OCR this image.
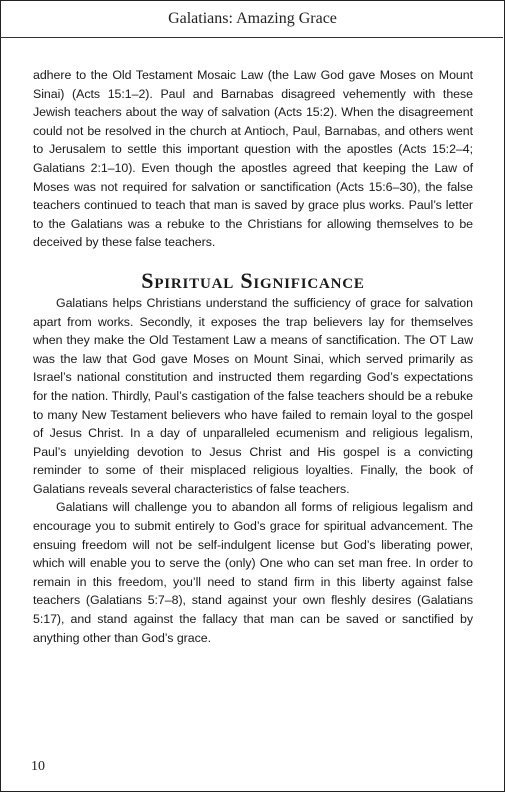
Galatians: Amazing Grace

adhere to the Old Testament Mosaic Law (the Law God gave Moses on Mount Sinai) (Acts 15:1–2). Paul and Barnabas disagreed vehemently with these Jewish teachers about the way of salvation (Acts 15:2). When the disagreement could not be resolved in the church at Antioch, Paul, Barnabas, and others went to Jerusalem to settle this important question with the apostles (Acts 15:2–4; Galatians 2:1–10). Even though the apostles agreed that keeping the Law of Moses was not required for salvation or sanctification (Acts 15:6–30), the false teachers continued to teach that man is saved by grace plus works. Paul’s letter to the Galatians was a rebuke to the Christians for allowing themselves to be deceived by these false teachers.

Spiritual Significance

Galatians helps Christians understand the sufficiency of grace for salvation apart from works. Secondly, it exposes the trap believers lay for themselves when they make the Old Testament Law a means of sanctification. The OT Law was the law that God gave Moses on Mount Sinai, which served primarily as Israel’s national constitution and instructed them regarding God’s expectations for the nation. Thirdly, Paul’s castigation of the false teachers should be a rebuke to many New Testament believers who have failed to remain loyal to the gospel of Jesus Christ. In a day of unparalleled ecumenism and religious legalism, Paul’s unyielding devotion to Jesus Christ and His gospel is a convicting reminder to some of their misplaced religious loyalties. Finally, the book of Galatians reveals several characteristics of false teachers.

Galatians will challenge you to abandon all forms of religious legalism and encourage you to submit entirely to God’s grace for spiritual advancement. The ensuing freedom will not be self-indulgent license but God’s liberating power, which will enable you to serve the (only) One who can set man free. In order to remain in this freedom, you’ll need to stand firm in this liberty against false teachers (Galatians 5:7–8), stand against your own fleshly desires (Galatians 5:17), and stand against the fallacy that man can be saved or sanctified by anything other than God’s grace.

10
